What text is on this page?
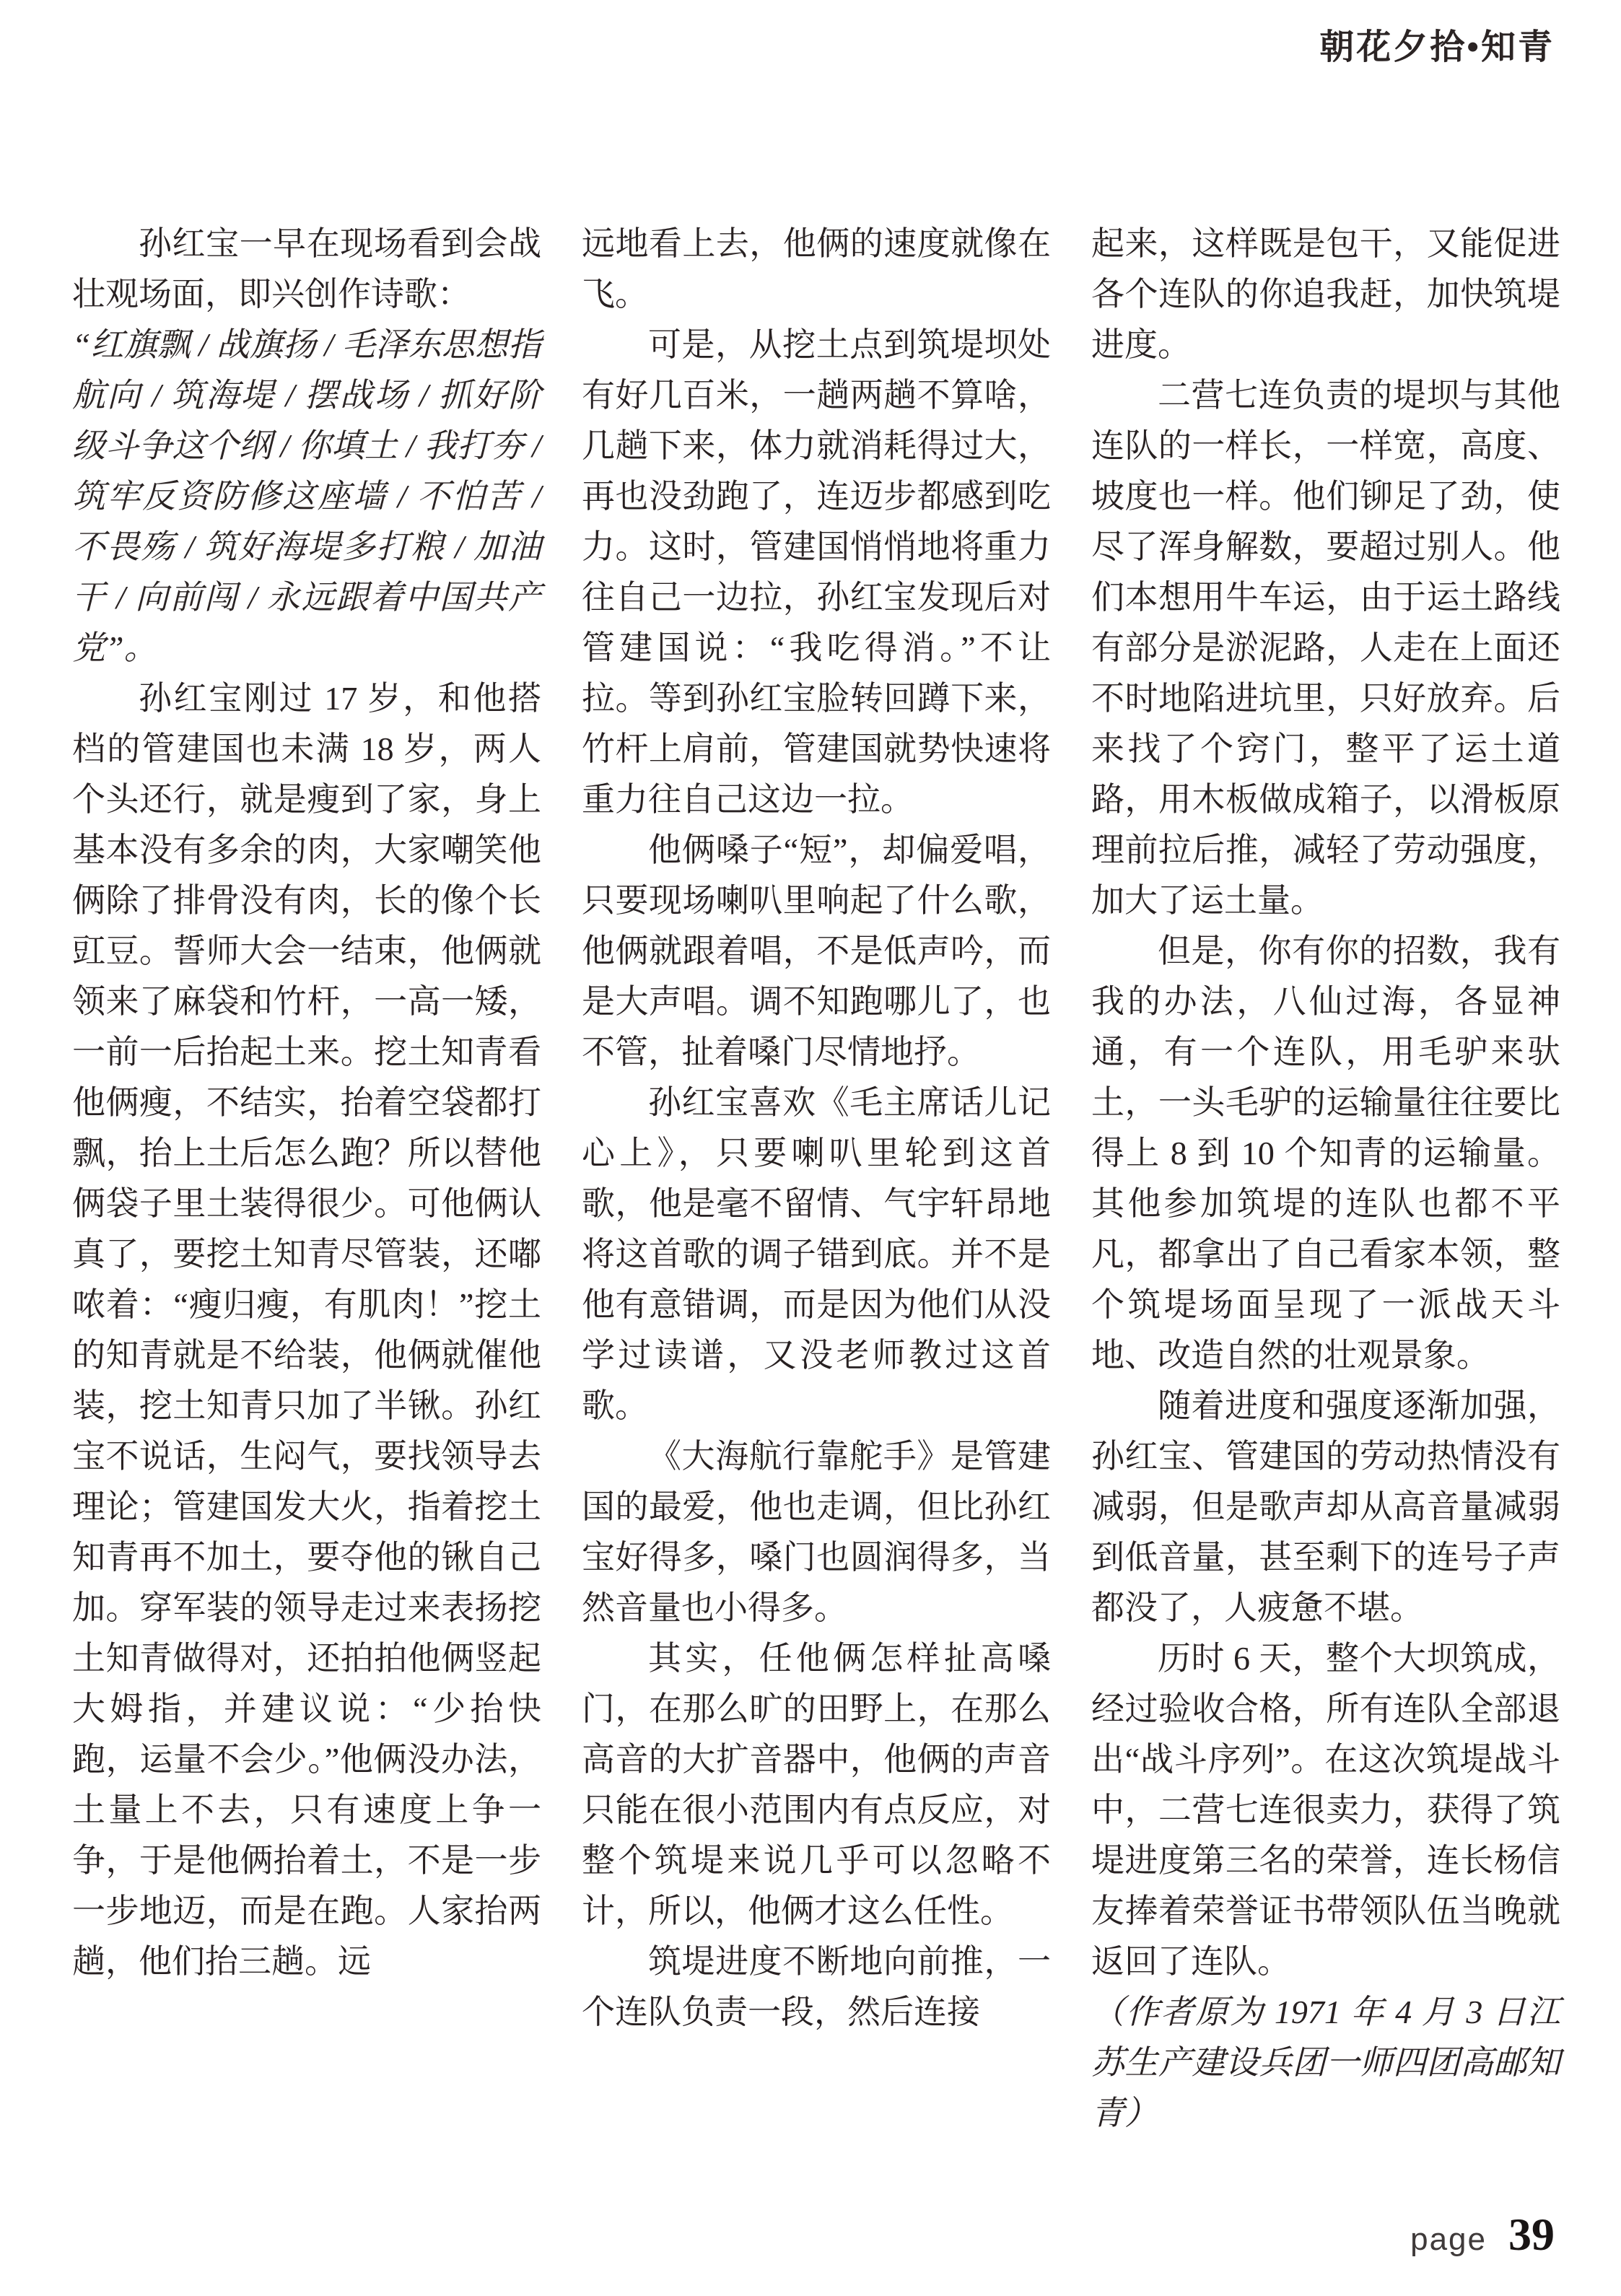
朝花夕拾•知青

孙红宝一早在现场看到会战壮观场面，即兴创作诗歌：

“红旗飘 / 战旗扬 / 毛泽东思想指航向 / 筑海堤 / 摆战场 / 抓好阶级斗争这个纲 / 你填土 / 我打夯 / 筑牢反资防修这座墙 / 不怕苦 / 不畏殇 / 筑好海堤多打粮 / 加油干 / 向前闯 / 永远跟着中国共产党”。

孙红宝刚过 17 岁，和他搭档的管建国也未满 18 岁，两人个头还行，就是瘦到了家，身上基本没有多余的肉，大家嘲笑他俩除了排骨没有肉，长的像个长豇豆。誓师大会一结束，他俩就领来了麻袋和竹杆，一高一矮，一前一后抬起土来。挖土知青看他俩瘦，不结实，抬着空袋都打飘，抬上土后怎么跑？所以替他俩袋子里土装得很少。可他俩认真了，要挖土知青尽管装，还嘟哝着：“瘦归瘦，有肌肉！”挖土的知青就是不给装，他俩就催他装，挖土知青只加了半锹。孙红宝不说话，生闷气，要找领导去理论；管建国发大火，指着挖土知青再不加土，要夺他的锹自己加。穿军装的领导走过来表扬挖土知青做得对，还拍拍他俩竖起大姆指，并建议说：“少抬快跑，运量不会少。”他俩没办法，土量上不去，只有速度上争一争，于是他俩抬着土，不是一步一步地迈，而是在跑。人家抬两趟，他们抬三趟。远

远地看上去，他俩的速度就像在飞。

可是，从挖土点到筑堤坝处有好几百米，一趟两趟不算啥，几趟下来，体力就消耗得过大，再也没劲跑了，连迈步都感到吃力。这时，管建国悄悄地将重力往自己一边拉，孙红宝发现后对管建国说：“我吃得消。”不让拉。等到孙红宝脸转回蹲下来，竹杆上肩前，管建国就势快速将重力往自己这边一拉。

他俩嗓子“短”，却偏爱唱，只要现场喇叭里响起了什么歌，他俩就跟着唱，不是低声吟，而是大声唱。调不知跑哪儿了，也不管，扯着嗓门尽情地抒。

孙红宝喜欢《毛主席话儿记心上》，只要喇叭里轮到这首歌，他是毫不留情、气宇轩昂地将这首歌的调子错到底。并不是他有意错调，而是因为他们从没学过读谱，又没老师教过这首歌。

《大海航行靠舵手》是管建国的最爱，他也走调，但比孙红宝好得多，嗓门也圆润得多，当然音量也小得多。

其实，任他俩怎样扯高嗓门，在那么旷的田野上，在那么高音的大扩音器中，他俩的声音只能在很小范围内有点反应，对整个筑堤来说几乎可以忽略不计，所以，他俩才这么任性。

筑堤进度不断地向前推，一个连队负责一段，然后连接

起来，这样既是包干，又能促进各个连队的你追我赶，加快筑堤进度。

二营七连负责的堤坝与其他连队的一样长，一样宽，高度、坡度也一样。他们铆足了劲，使尽了浑身解数，要超过别人。他们本想用牛车运，由于运土路线有部分是淤泥路，人走在上面还不时地陷进坑里，只好放弃。后来找了个窍门，整平了运土道路，用木板做成箱子，以滑板原理前拉后推，减轻了劳动强度，加大了运土量。

但是，你有你的招数，我有我的办法，八仙过海，各显神通，有一个连队，用毛驴来驮土，一头毛驴的运输量往往要比得上 8 到 10 个知青的运输量。其他参加筑堤的连队也都不平凡，都拿出了自己看家本领，整个筑堤场面呈现了一派战天斗地、改造自然的壮观景象。

随着进度和强度逐渐加强，孙红宝、管建国的劳动热情没有减弱，但是歌声却从高音量减弱到低音量，甚至剩下的连号子声都没了，人疲惫不堪。

历时 6 天，整个大坝筑成，经过验收合格，所有连队全部退出“战斗序列”。在这次筑堤战斗中，二营七连很卖力，获得了筑堤进度第三名的荣誉，连长杨信友捧着荣誉证书带领队伍当晚就返回了连队。

（作者原为 1971 年 4 月 3 日江苏生产建设兵团一师四团高邮知青）

page 39
